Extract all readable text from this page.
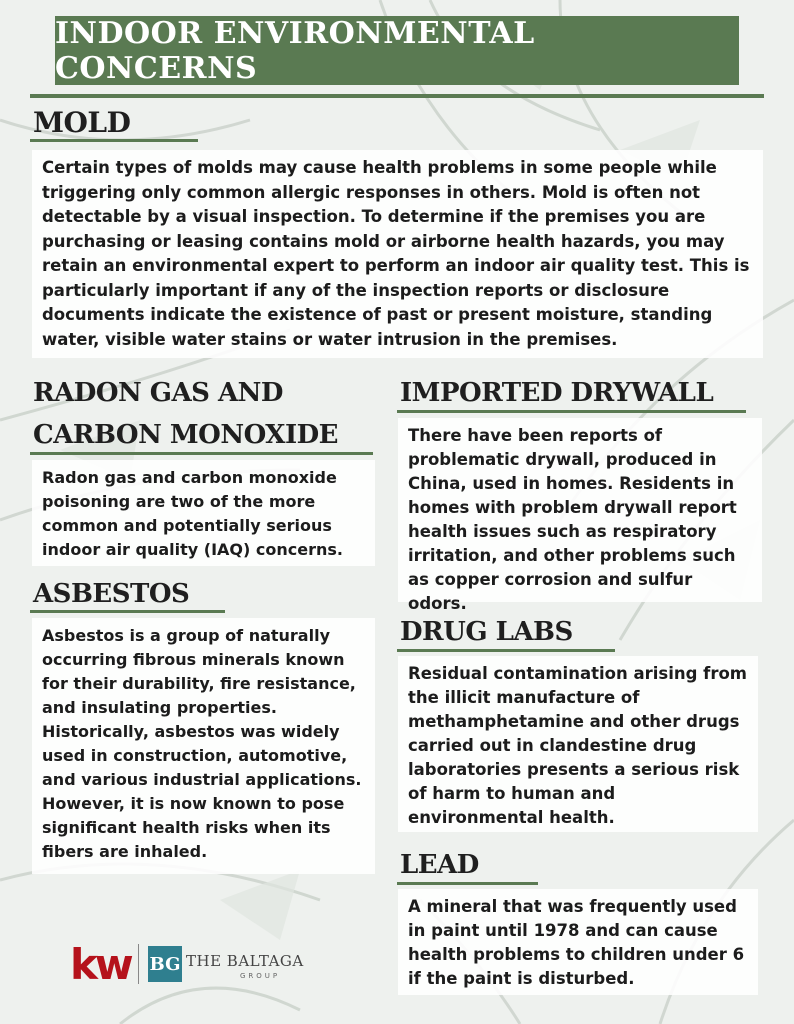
INDOOR ENVIRONMENTAL CONCERNS
MOLD
Certain types of molds may cause health problems in some people while triggering only common allergic responses in others. Mold is often not detectable by a visual inspection. To determine if the premises you are purchasing or leasing contains mold or airborne health hazards, you may retain an environmental expert to perform an indoor air quality test. This is particularly important if any of the inspection reports or disclosure documents indicate the existence of past or present moisture, standing water, visible water stains or water intrusion in the premises.
RADON GAS AND
CARBON MONOXIDE
Radon gas and carbon monoxide poisoning are two of the more common and potentially serious indoor air quality (IAQ) concerns.
ASBESTOS
Asbestos is a group of naturally occurring fibrous minerals known for their durability, fire resistance, and insulating properties. Historically, asbestos was widely used in construction, automotive, and various industrial applications. However, it is now known to pose significant health risks when its fibers are inhaled.
IMPORTED DRYWALL
There have been reports of problematic drywall, produced in China, used in homes. Residents in homes with problem drywall report health issues such as respiratory irritation, and other problems such as copper corrosion and sulfur odors.
DRUG LABS
Residual contamination arising from the illicit manufacture of methamphetamine and other drugs carried out in clandestine drug laboratories presents a serious risk of harm to human and environmental health.
LEAD
A mineral that was frequently used in paint until 1978 and can cause health problems to children under 6 if the paint is disturbed.
kw BG THE BALTAGA
GROUP
